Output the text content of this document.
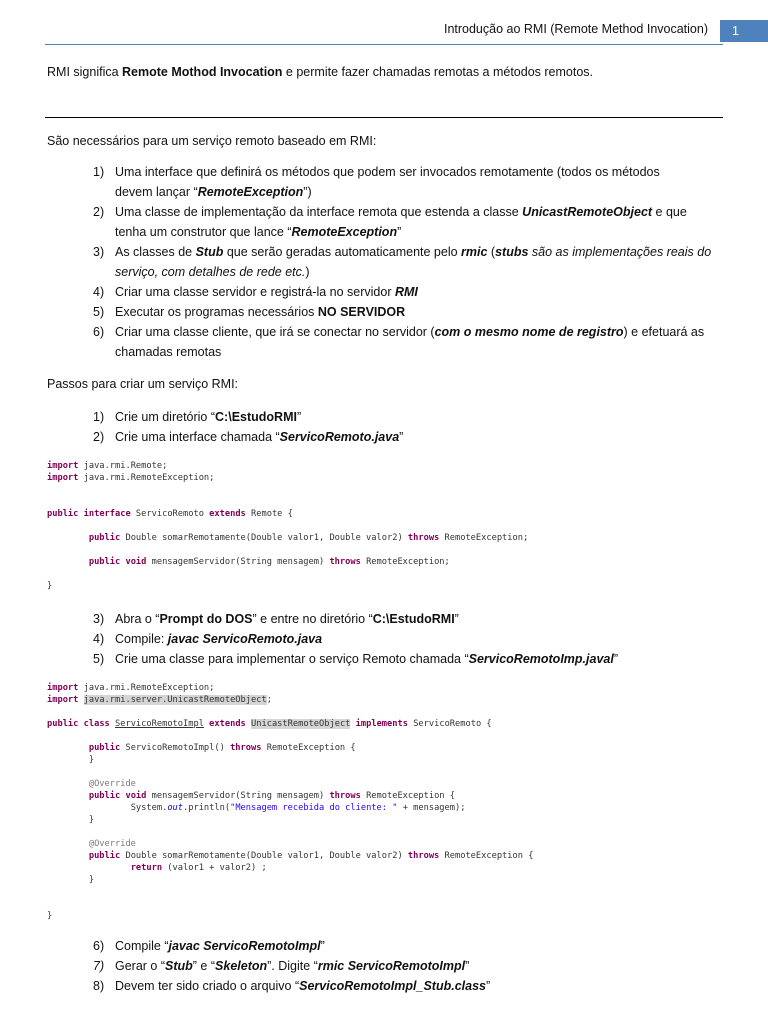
Introdução ao RMI (Remote Method Invocation)	1
RMI significa Remote Mothod Invocation e permite fazer chamadas remotas a métodos remotos.
São necessários para um serviço remoto baseado em RMI:
1) Uma interface que definirá os métodos que podem ser invocados remotamente (todos os métodos
devem lançar “RemoteException”)
2) Uma classe de implementação da interface remota que estenda a classe UnicastRemoteObject e que
tenha um construtor que lance “RemoteException”
3) As classes de Stub que serão geradas automaticamente pelo rmic (stubs são as implementações reais do
serviço, com detalhes de rede etc.)
4) Criar uma classe servidor e registrá-la no servidor RMI
5) Executar os programas necessários NO SERVIDOR
6) Criar uma classe cliente, que irá se conectar no servidor (com o mesmo nome de registro) e efetuará as
chamadas remotas
Passos para criar um serviço RMI:
1) Crie um diretório “C:\EstudoRMI”
2) Crie uma interface chamada “ServicoRemoto.java”
import java.rmi.Remote;
import java.rmi.RemoteException;

public interface ServicoRemoto extends Remote {

public Double somarRemotamente(Double valor1, Double valor2) throws RemoteException;

public void mensagemServidor(String mensagem) throws RemoteException;

}
3) Abra o “Prompt do DOS” e entre no diretório “C:\EstudoRMI”
4) Compile: javac ServicoRemoto.java
5) Crie uma classe para implementar o serviço Remoto chamada “ServicoRemotoImp.javal”
import java.rmi.RemoteException;
import java.rmi.server.UnicastRemoteObject;

public class ServicoRemotoImpl extends UnicastRemoteObject implements ServicoRemoto {

public ServicoRemotoImpl() throws RemoteException {
}

@Override
public void mensagemServidor(String mensagem) throws RemoteException {
System.out.println("Mensagem recebida do cliente: " + mensagem);
}

@Override
public Double somarRemotamente(Double valor1, Double valor2) throws RemoteException {
return (valor1 + valor2) ;
}

}
6) Compile “javac ServicoRemotoImpl”
7) Gerar o “Stub” e “Skeleton”. Digite “rmic ServicoRemotoImpl”
8) Devem ter sido criado o arquivo “ServicoRemotoImpl_Stub.class”
